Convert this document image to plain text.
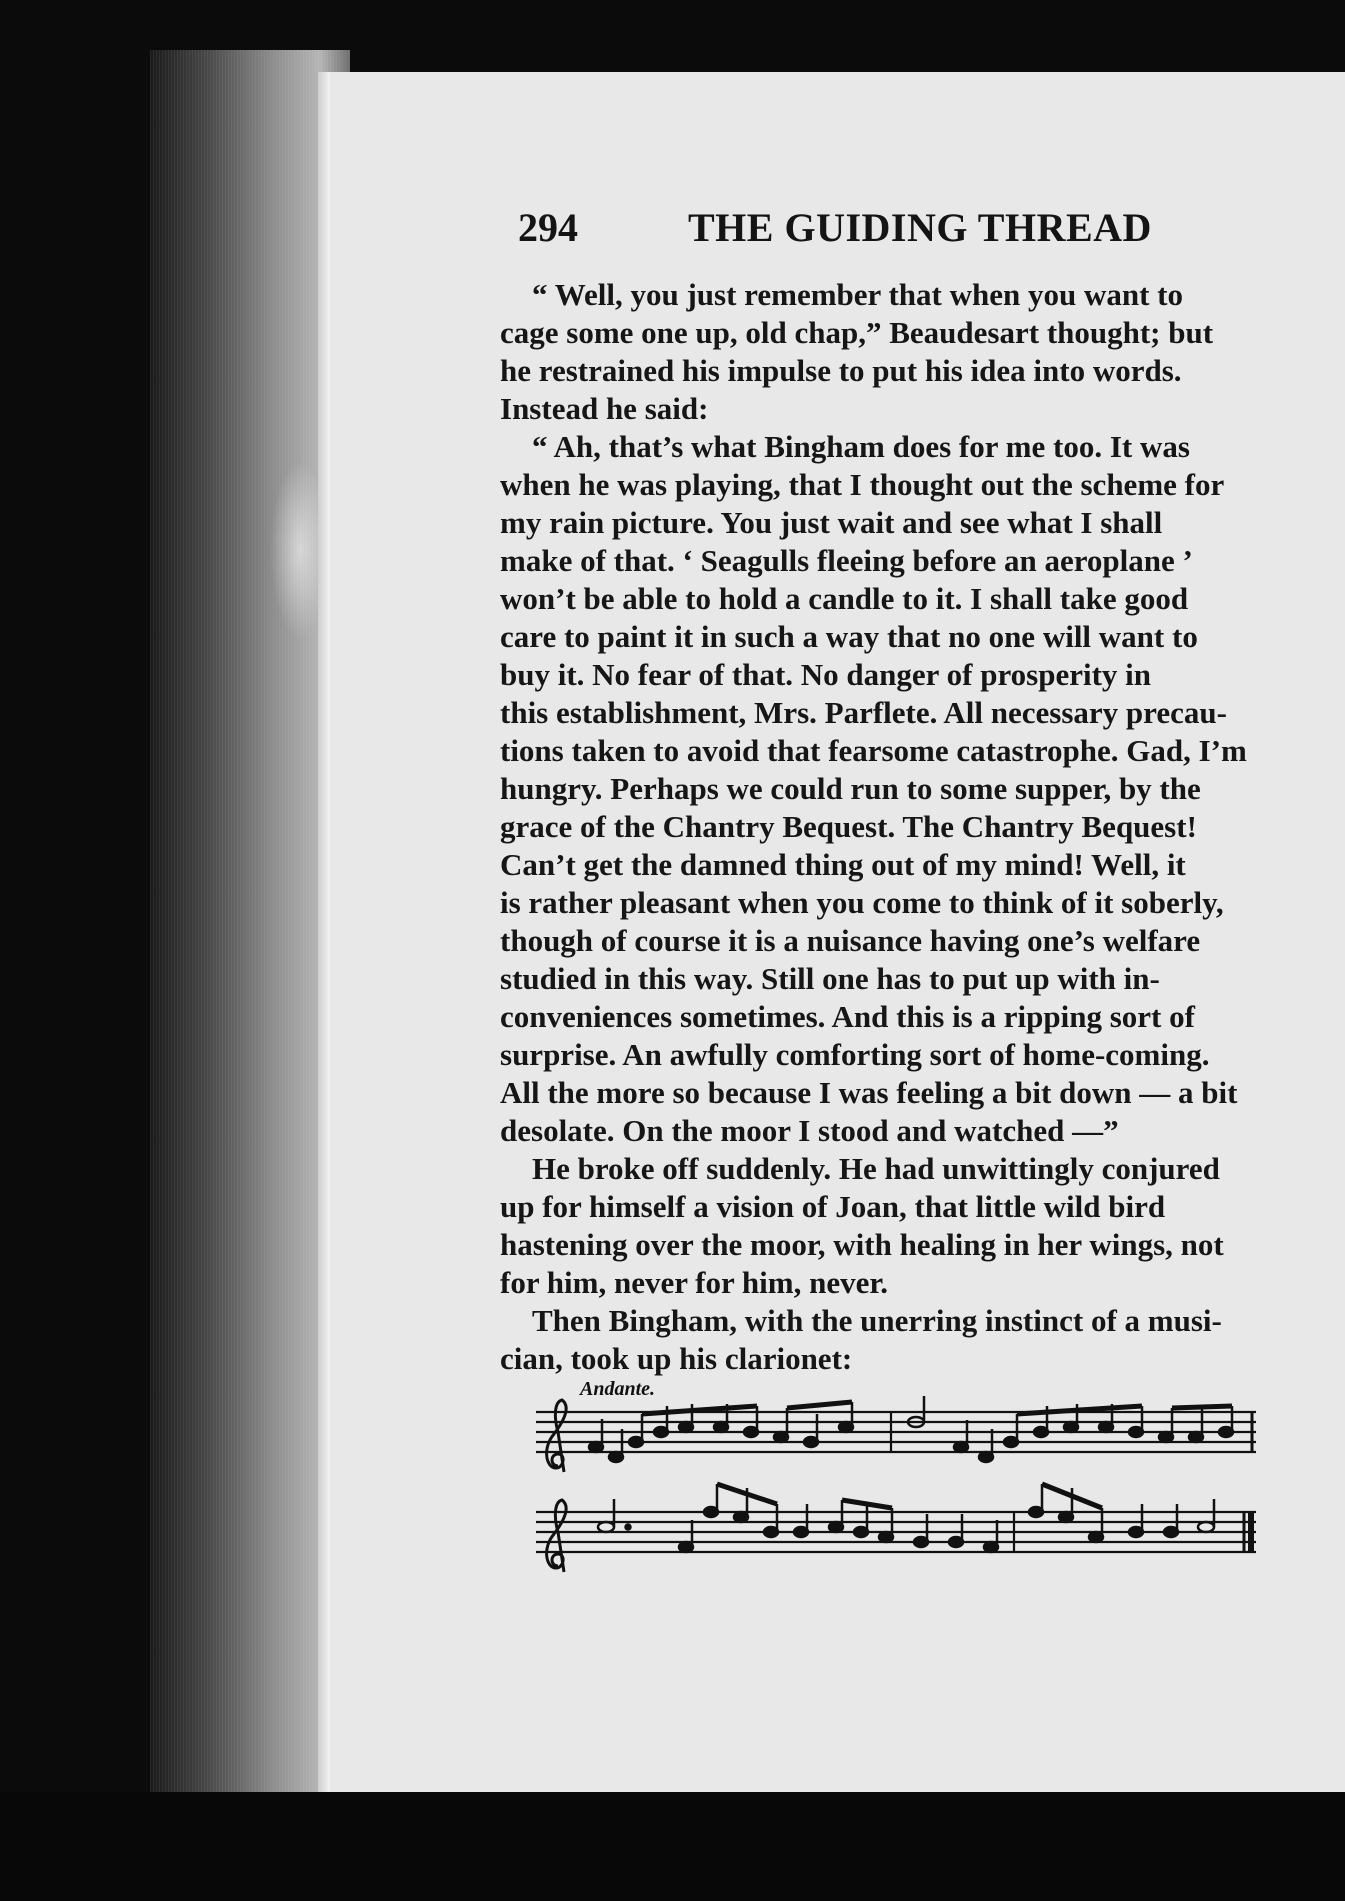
294	THE GUIDING THREAD
“ Well, you just remember that when you want to
cage some one up, old chap,” Beaudesart thought; but
he restrained his impulse to put his idea into words.
Instead he said:
“ Ah, that’s what Bingham does for me too. It was
when he was playing, that I thought out the scheme for
my rain picture. You just wait and see what I shall
make of that. ‘ Seagulls fleeing before an aeroplane ’
won’t be able to hold a candle to it. I shall take good
care to paint it in such a way that no one will want to
buy it. No fear of that. No danger of prosperity in
this establishment, Mrs. Parflete. All necessary precau-
tions taken to avoid that fearsome catastrophe. Gad, I’m
hungry. Perhaps we could run to some supper, by the
grace of the Chantry Bequest. The Chantry Bequest!
Can’t get the damned thing out of my mind! Well, it
is rather pleasant when you come to think of it soberly,
though of course it is a nuisance having one’s welfare
studied in this way. Still one has to put up with in-
conveniences sometimes. And this is a ripping sort of
surprise. An awfully comforting sort of home-coming.
All the more so because I was feeling a bit down — a bit
desolate. On the moor I stood and watched —”
He broke off suddenly. He had unwittingly conjured
up for himself a vision of Joan, that little wild bird
hastening over the moor, with healing in her wings, not
for him, never for him, never.
Then Bingham, with the unerring instinct of a musi-
cian, took up his clarionet:
Andante.
